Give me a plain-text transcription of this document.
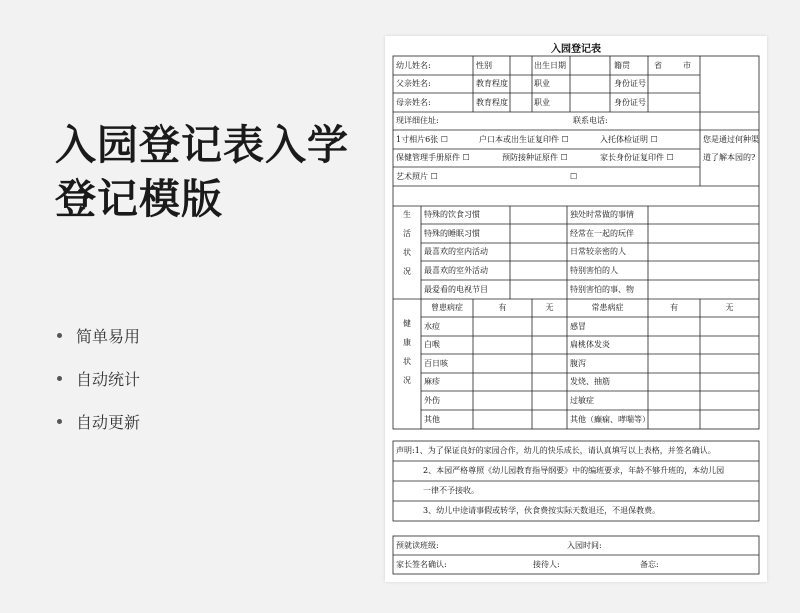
入园登记表入学
登记模版
简单易用
自动统计
自动更新
入园登记表
幼儿姓名:	性别	出生日期	籍贯	省	市
父亲姓名:	教育程度	职业	身份证号
母亲姓名:	教育程度	职业	身份证号
现详细住址:	联系电话:
1寸相片6张 ☐	户口本或出生证复印件 ☐	入托体检证明 ☐
保健管理手册原件 ☐	预防接种证原件 ☐	家长身份证复印件 ☐
艺术照片 ☐	☐
您是通过何种渠
道了解本园的?
生
活
状
况
特殊的饮食习惯	独处时常做的事情
特殊的睡眠习惯	经常在一起的玩伴
最喜欢的室内活动	日常较亲密的人
最喜欢的室外活动	特别害怕的人
最爱看的电视节目	特别害怕的事、物
健
康
状
况
曾患病症	有	无	常患病症	有	无
水痘	感冒
白喉	扁桃体发炎
百日咳	腹泻
麻疹	发烧、抽筋
外伤	过敏症
其他	其他（癫痫、哮喘等）
声明:1、为了保证良好的家园合作，幼儿的快乐成长，请认真填写以上表格，并签名确认。
2、本园严格尊照《幼儿园教育指导纲要》中的编班要求，年龄不够升班的，本幼儿园
一律不予接收。
3、幼儿中途请事假或转学，伙食费按实际天数退还，不退保教费。
预就读班级:	入园时间:
家长签名确认:	接待人:	备忘:
